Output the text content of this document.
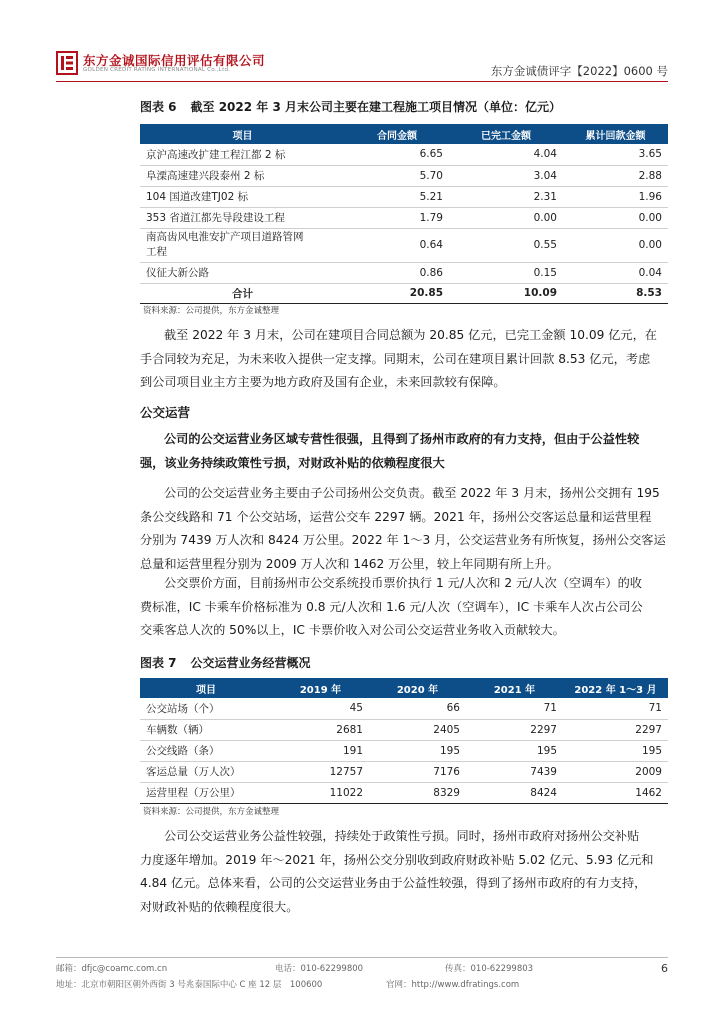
东方金诚国际信用评估有限公司
GOLDEN CREDIT RATING INTERNATIONAL Co.,Ltd.	东方金诚债评字【2022】0600 号
图表 6 截至 2022 年 3 月末公司主要在建工程施工项目情况（单位：亿元）
项目	合同金额	已完工金额	累计回款金额
京沪高速改扩建工程江都 2 标	6.65	4.04	3.65
阜溧高速建兴段泰州 2 标	5.70	3.04	2.88
104 国道改建TJ02 标	5.21	2.31	1.96
353 省道江都先导段建设工程	1.79	0.00	0.00
南高齿风电淮安扩产项目道路管网工程	0.64	0.55	0.00
仪征大新公路	0.86	0.15	0.04
合计	20.85	10.09	8.53
资料来源：公司提供，东方金诚整理
截至 2022 年 3 月末，公司在建项目合同总额为 20.85 亿元，已完工金额 10.09 亿元，在
手合同较为充足，为未来收入提供一定支撑。同期末，公司在建项目累计回款 8.53 亿元，考虑
到公司项目业主方主要为地方政府及国有企业，未来回款较有保障。
公交运营
公司的公交运营业务区域专营性很强，且得到了扬州市政府的有力支持，但由于公益性较
强，该业务持续政策性亏损，对财政补贴的依赖程度很大
公司的公交运营业务主要由子公司扬州公交负责。截至 2022 年 3 月末，扬州公交拥有 195
条公交线路和 71 个公交站场，运营公交车 2297 辆。2021 年，扬州公交客运总量和运营里程
分别为 7439 万人次和 8424 万公里。2022 年 1～3 月，公交运营业务有所恢复，扬州公交客运
总量和运营里程分别为 2009 万人次和 1462 万公里，较上年同期有所上升。
公交票价方面，目前扬州市公交系统投币票价执行 1 元/人次和 2 元/人次（空调车）的收
费标准，IC 卡乘车价格标准为 0.8 元/人次和 1.6 元/人次（空调车），IC 卡乘车人次占公司公
交乘客总人次的 50%以上，IC 卡票价收入对公司公交运营业务收入贡献较大。
图表 7 公交运营业务经营概况
项目	2019 年	2020 年	2021 年	2022 年 1～3 月
公交站场（个）	45	66	71	71
车辆数（辆）	2681	2405	2297	2297
公交线路（条）	191	195	195	195
客运总量（万人次）	12757	7176	7439	2009
运营里程（万公里）	11022	8329	8424	1462
资料来源：公司提供，东方金诚整理
公司公交运营业务公益性较强，持续处于政策性亏损。同时，扬州市政府对扬州公交补贴
力度逐年增加。2019 年～2021 年，扬州公交分别收到政府财政补贴 5.02 亿元、5.93 亿元和
4.84 亿元。总体来看，公司的公交运营业务由于公益性较强，得到了扬州市政府的有力支持，
对财政补贴的依赖程度很大。
邮箱：dfjc@coamc.com.cn	电话：010-62299800	传真：010-62299803
地址：北京市朝阳区朝外西街 3 号兆泰国际中心 C 座 12 层　100600	官网：http://www.dfratings.com
6
